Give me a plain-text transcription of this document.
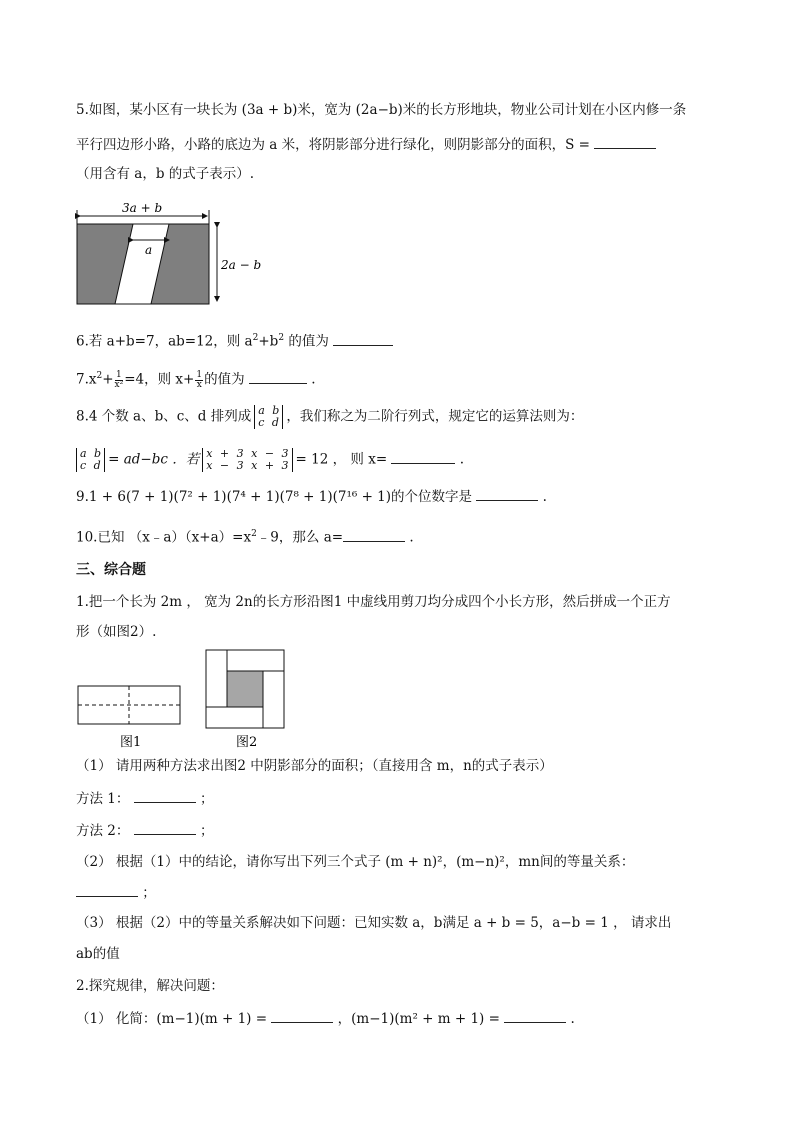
5.如图，某小区有一块长为 (3a + b)米，宽为 (2a−b)米的长方形地块，物业公司计划在小区内修一条
平行四边形小路，小路的底边为 a 米，将阴影部分进行绿化，则阴影部分的面积，S =
（用含有 a，b 的式子表示）.
3a + b
a
2a − b
6.若 a+b=7，ab=12，则 $a^2+b^2$ 的值为
$7.x^2+ \frac{1}{\text{x²}} =4$，则 $x+ \frac{1}{x}$ 的值为	.
8.4 个数 a、b、c、d 排列成 a b
c d ，我们称之为二阶行列式，规定它的运算法则为：
a b
c d = ad−bc ．若 x + 3 x − 3
x − 3 x + 3 = 12 ， 则 x=	.
9.1 + 6(7 + 1)(7² + 1)(7⁴ + 1)(7⁸ + 1)(7¹⁶ + 1)的个位数字是	.
10.已知 $(x﹣a)(x+a)=x^2﹣9$，那么 a=	.
三、综合题
1.把一个长为 2m ， 宽为 2n的长方形沿图1 中虚线用剪刀均分成四个小长方形，然后拼成一个正方
形（如图2）.
图1	图2
（1） 请用两种方法求出图2 中阴影部分的面积；（直接用含 m，n的式子表示）
方法 1：	；
方法 2：	；
（2） 根据（1）中的结论，请你写出下列三个式子 (m + n)²，(m−n)²，mn间的等量关系：
；
（3） 根据（2）中的等量关系解决如下问题：已知实数 a，b满足 a + b = 5，a−b = 1 ， 请求出
ab的值
2.探究规律，解决问题：
（1） 化简：(m−1)(m + 1) =	，(m−1)(m² + m + 1) =	.
